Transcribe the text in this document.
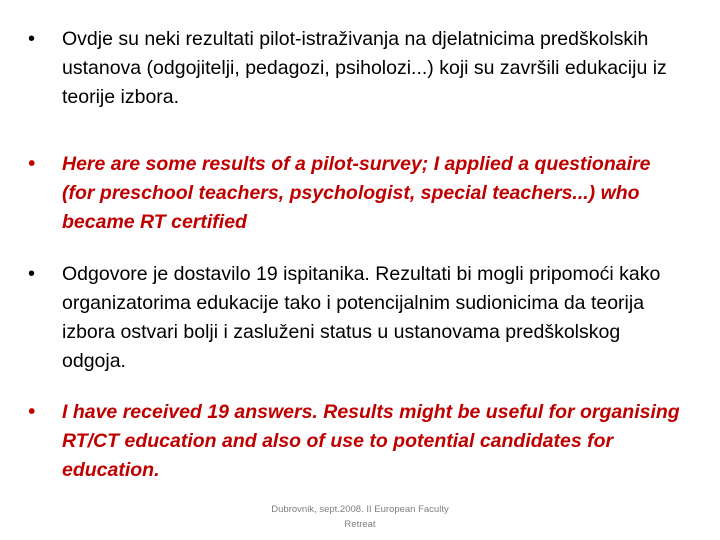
•	Ovdje su neki rezultati pilot-istraživanja na djelatnicima predškolskih ustanova (odgojitelji, pedagozi, psiholozi...) koji su završili edukaciju iz teorije izbora.
•	Here are some results of a pilot-survey; I applied a questionaire (for preschool teachers, psychologist, special teachers...) who became RT certified
•	Odgovore je dostavilo 19 ispitanika. Rezultati bi mogli pripomoći kako organizatorima edukacije tako i potencijalnim sudionicima da teorija izbora ostvari bolji i zasluženi status u ustanovama predškolskog odgoja.
•	I have received 19 answers. Results might be useful for organising RT/CT education and also of use to potential candidates for education.
Dubrovnik, sept.2008. II European Faculty
Retreat
